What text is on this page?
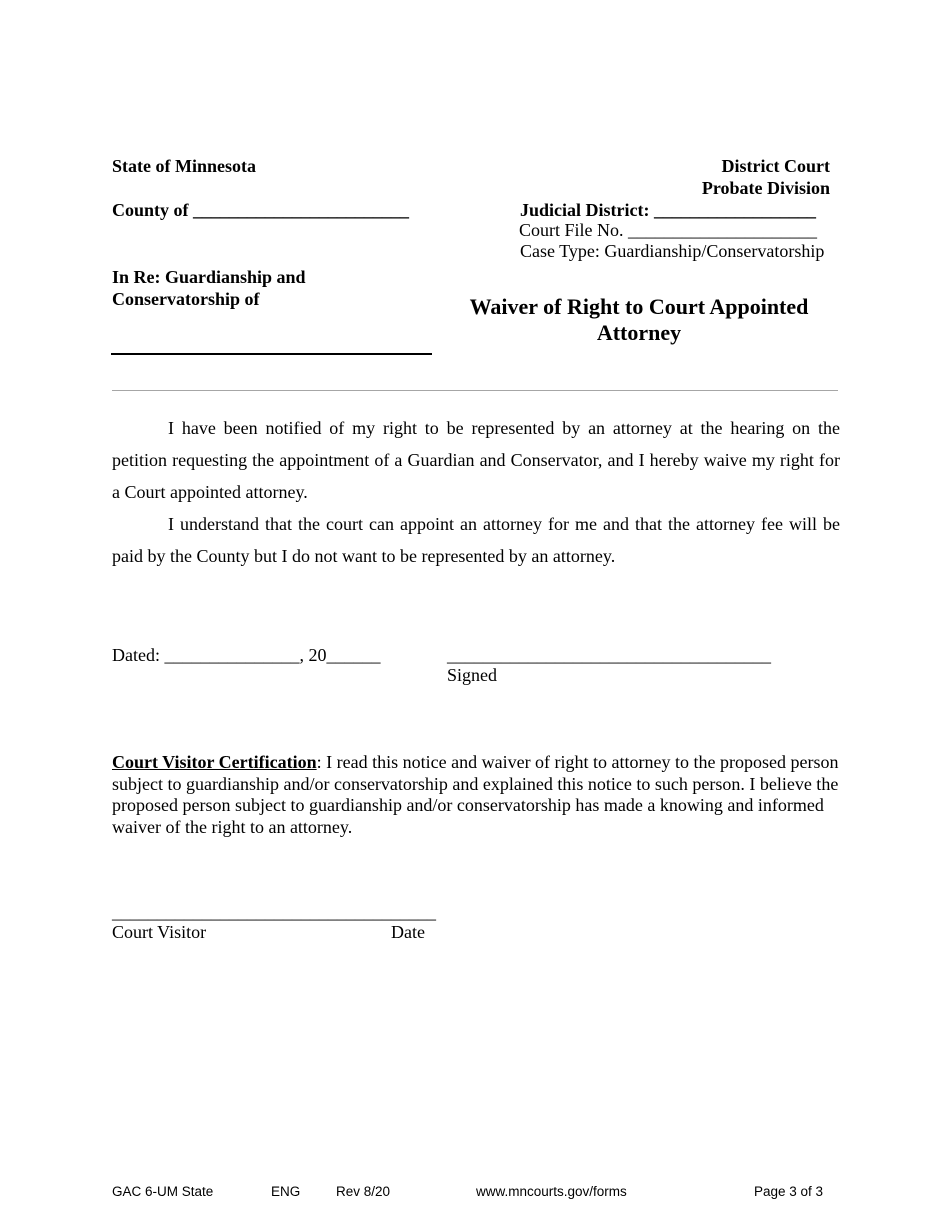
State of Minnesota
County of ________________________
In Re: Guardianship and
Conservatorship of
District Court
Probate Division
Judicial District: __________________
Court File No. _____________________
Case Type: Guardianship/Conservatorship
Waiver of Right to Court Appointed
Attorney

I have been notified of my right to be represented by an attorney at the hearing on the petition requesting the appointment of a Guardian and Conservator, and I hereby waive my right for a Court appointed attorney.

I understand that the court can appoint an attorney for me and that the attorney fee will be paid by the County but I do not want to be represented by an attorney.

Dated: _______________, 20______	____________________________________
Signed

Court Visitor Certification: I read this notice and waiver of right to attorney to the proposed person subject to guardianship and/or conservatorship and explained this notice to such person. I believe the proposed person subject to guardianship and/or conservatorship has made a knowing and informed waiver of the right to an attorney.

____________________________________
Court Visitor	Date
GAC 6-UM State	ENG	Rev 8/20	www.mncourts.gov/forms	Page 3 of 3
